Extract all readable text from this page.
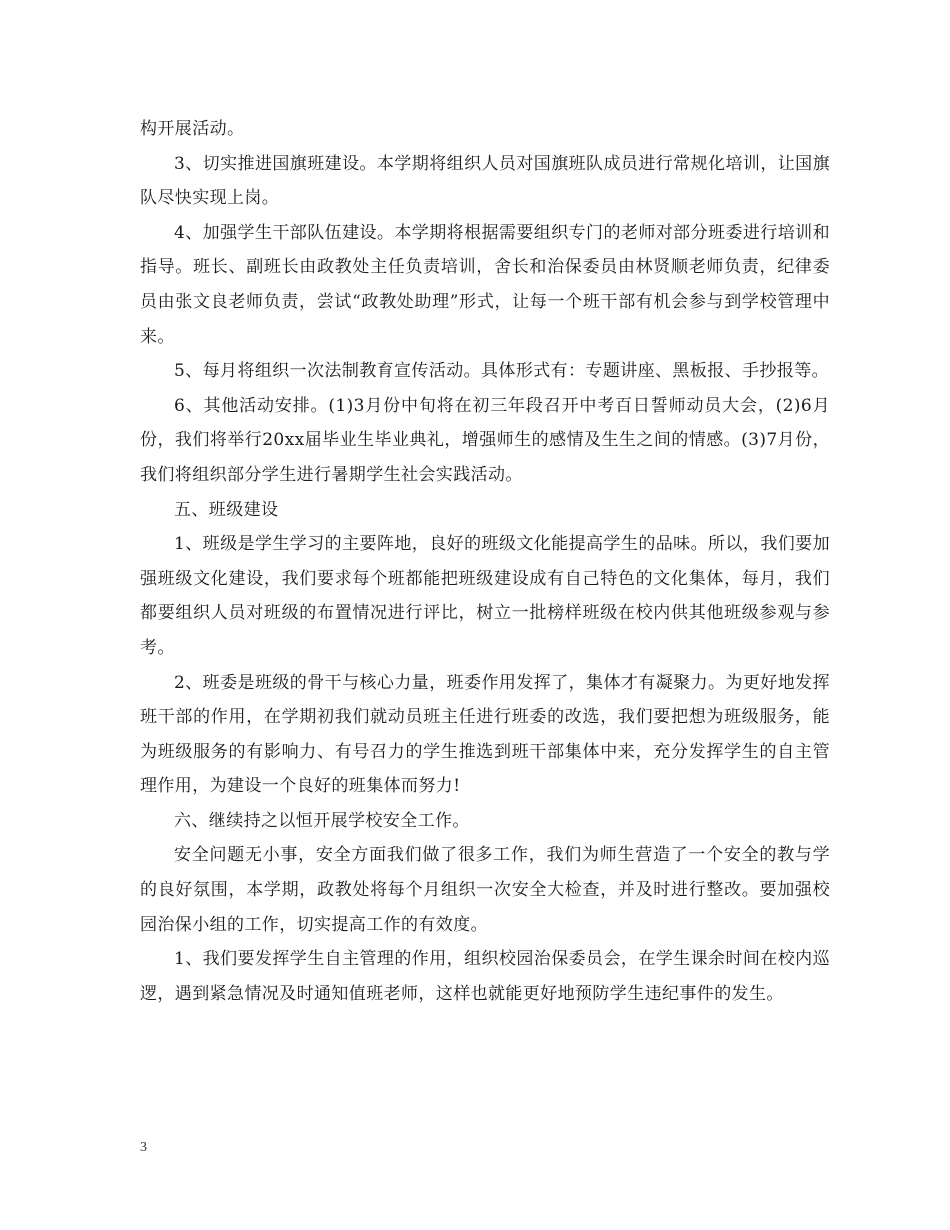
构开展活动。

3、切实推进国旗班建设。本学期将组织人员对国旗班队成员进行常规化培训，让国旗队尽快实现上岗。

4、加强学生干部队伍建设。本学期将根据需要组织专门的老师对部分班委进行培训和指导。班长、副班长由政教处主任负责培训，舍长和治保委员由林贤顺老师负责，纪律委员由张文良老师负责，尝试“政教处助理”形式，让每一个班干部有机会参与到学校管理中来。

5、每月将组织一次法制教育宣传活动。具体形式有：专题讲座、黑板报、手抄报等。

6、其他活动安排。(1)3月份中旬将在初三年段召开中考百日誓师动员大会，(2)6月份，我们将举行20xx届毕业生毕业典礼，增强师生的感情及生生之间的情感。(3)7月份，我们将组织部分学生进行暑期学生社会实践活动。

五、班级建设

1、班级是学生学习的主要阵地，良好的班级文化能提高学生的品味。所以，我们要加强班级文化建设，我们要求每个班都能把班级建设成有自己特色的文化集体，每月，我们都要组织人员对班级的布置情况进行评比，树立一批榜样班级在校内供其他班级参观与参考。

2、班委是班级的骨干与核心力量，班委作用发挥了，集体才有凝聚力。为更好地发挥班干部的作用，在学期初我们就动员班主任进行班委的改选，我们要把想为班级服务，能为班级服务的有影响力、有号召力的学生推选到班干部集体中来，充分发挥学生的自主管理作用，为建设一个良好的班集体而努力!

六、继续持之以恒开展学校安全工作。

安全问题无小事，安全方面我们做了很多工作，我们为师生营造了一个安全的教与学的良好氛围，本学期，政教处将每个月组织一次安全大检查，并及时进行整改。要加强校园治保小组的工作，切实提高工作的有效度。

1、我们要发挥学生自主管理的作用，组织校园治保委员会，在学生课余时间在校内巡逻，遇到紧急情况及时通知值班老师，这样也就能更好地预防学生违纪事件的发生。

3
